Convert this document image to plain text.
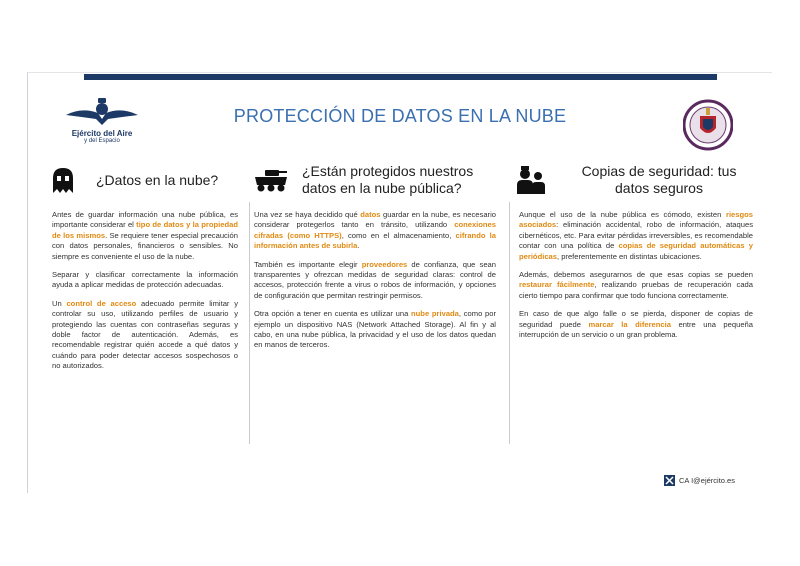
Ejército del Aire
y del Espacio
PROTECCIÓN DE DATOS EN LA NUBE
¿Datos en la nube?

Antes de guardar información una nube pública, es importante considerar el tipo de datos y la propiedad de los mismos. Se requiere tener especial precaución con datos personales, financieros o sensibles. No siempre es conveniente el uso de la nube.

Separar y clasificar correctamente la información ayuda a aplicar medidas de protección adecuadas.

Un control de acceso adecuado permite limitar y controlar su uso, utilizando perfiles de usuario y protegiendo las cuentas con contraseñas seguras y doble factor de autenticación. Además, es recomendable registrar quién accede a qué datos y cuándo para poder detectar accesos sospechosos o no autorizados.

¿Están protegidos nuestros datos en la nube pública?

Una vez se haya decidido qué datos guardar en la nube, es necesario considerar protegerlos tanto en tránsito, utilizando conexiones cifradas (como HTTPS), como en el almacenamiento, cifrando la información antes de subirla.

También es importante elegir proveedores de confianza, que sean transparentes y ofrezcan medidas de seguridad claras: control de accesos, protección frente a virus o robos de información, y opciones de configuración que permitan restringir permisos.

Otra opción a tener en cuenta es utilizar una nube privada, como por ejemplo un dispositivo NAS (Network Attached Storage). Al fin y al cabo, en una nube pública, la privacidad y el uso de los datos quedan en manos de terceros.

Copias de seguridad: tus datos seguros

Aunque el uso de la nube pública es cómodo, existen riesgos asociados: eliminación accidental, robo de información, ataques cibernéticos, etc. Para evitar pérdidas irreversibles, es recomendable contar con una política de copias de seguridad automáticas y periódicas, preferentemente en distintas ubicaciones.

Además, debemos asegurarnos de que esas copias se pueden restaurar fácilmente, realizando pruebas de recuperación cada cierto tiempo para confirmar que todo funciona correctamente.

En caso de que algo falle o se pierda, disponer de copias de seguridad puede marcar la diferencia entre una pequeña interrupción de un servicio o un gran problema.

CA I@ejército.es
